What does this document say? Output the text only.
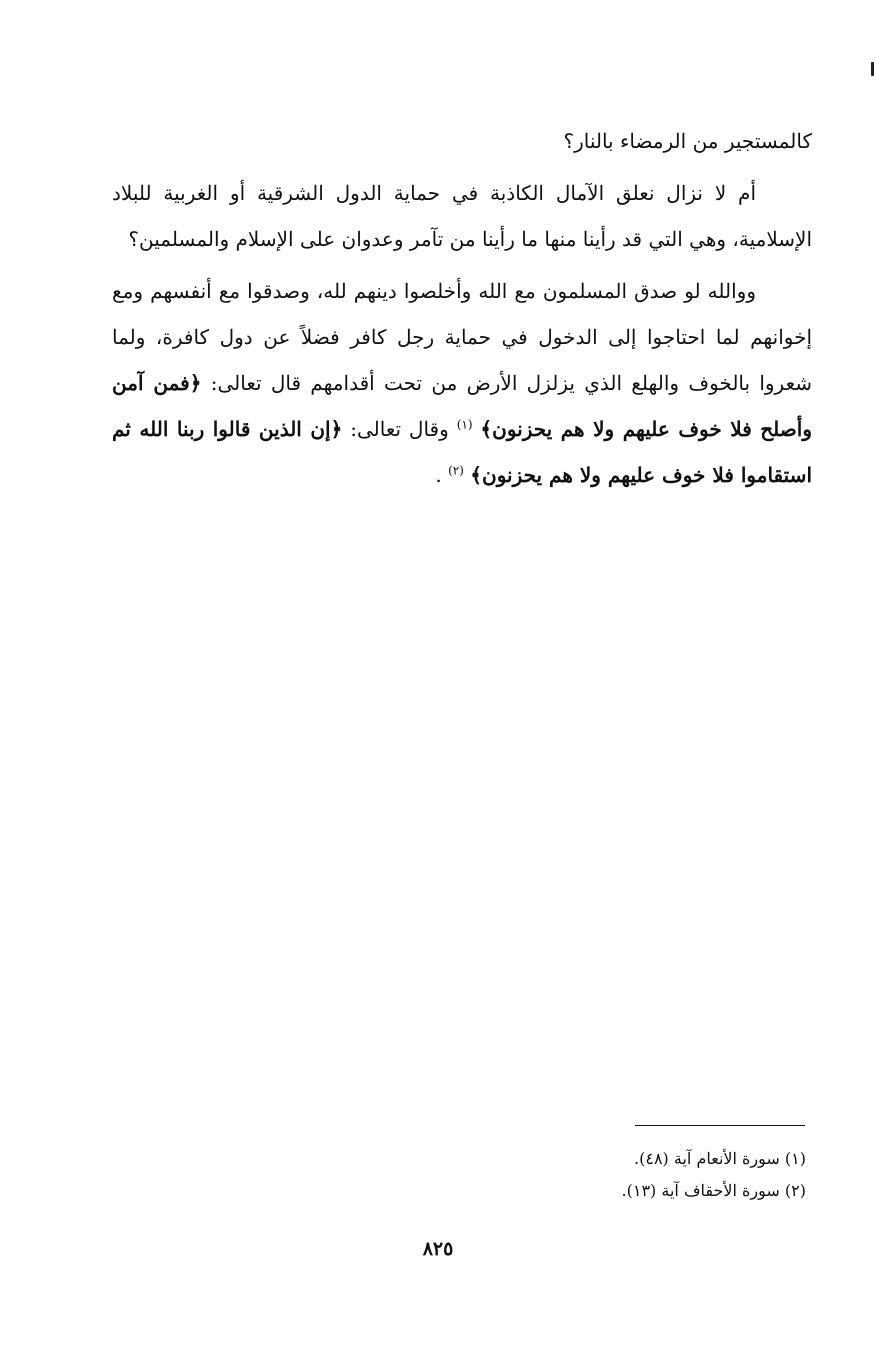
كالمستجير من الرمضاء بالنار؟

أم لا نزال نعلق الآمال الكاذبة في حماية الدول الشرقية أو الغربية للبلاد الإسلامية، وهي التي قد رأينا منها ما رأينا من تآمر وعدوان على الإسلام والمسلمين؟

ووالله لو صدق المسلمون مع الله وأخلصوا دينهم لله، وصدقوا مع أنفسهم ومع إخوانهم لما احتاجوا إلى الدخول في حماية رجل كافر فضلاً عن دول كافرة، ولما شعروا بالخوف والهلع الذي يزلزل الأرض من تحت أقدامهم قال تعالى: ﴿فمن آمن وأصلح فلا خوف عليهم ولا هم يحزنون﴾ $^{(١)}$ وقال تعالى: ﴿إن الذين قالوا ربنا الله ثم استقاموا فلا خوف عليهم ولا هم يحزنون﴾ $^{(٢)}$ .

(١) سورة الأنعام آية (٤٨).
(٢) سورة الأحقاف آية (١٣).
٨٢٥
